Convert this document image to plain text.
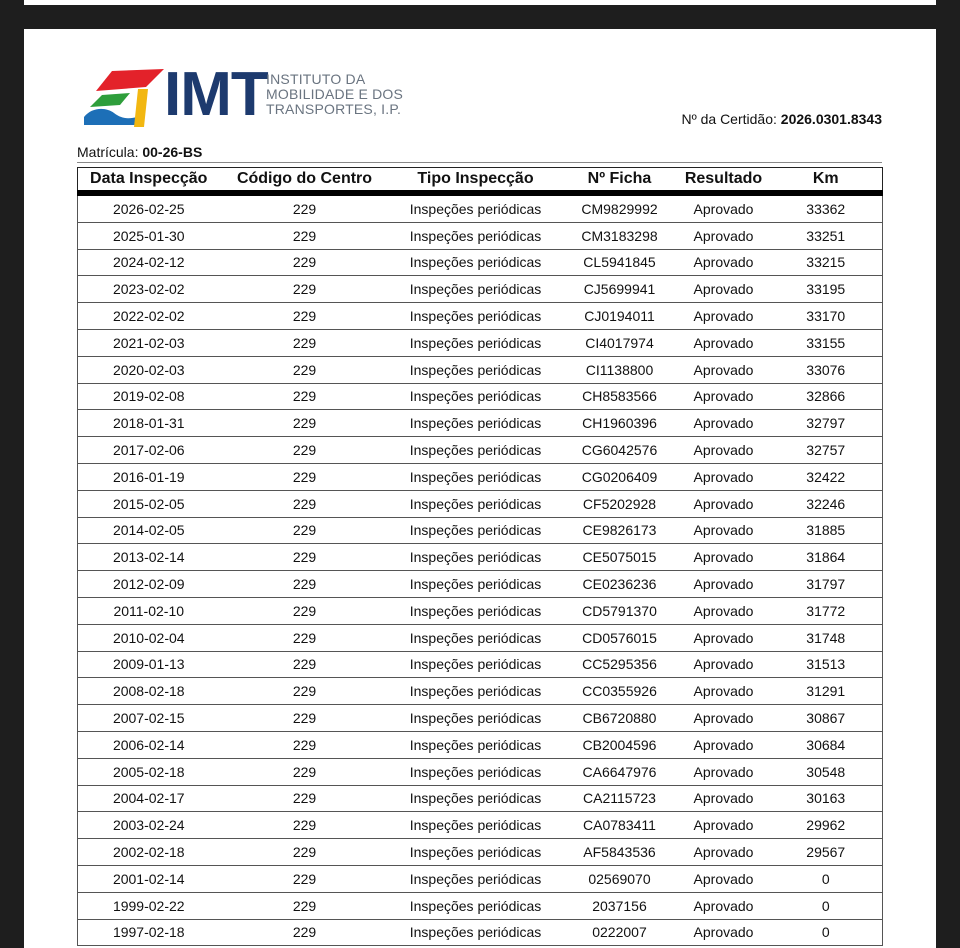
IMT
INSTITUTO DA
MOBILIDADE E DOS
TRANSPORTES, I.P.
Nº da Certidão: 2026.0301.8343
Matrícula: 00-26-BS
Data Inspecção	Código do Centro	Tipo Inspecção	Nº Ficha	Resultado	Km
2026-02-25	229	Inspeções periódicas	CM9829992	Aprovado	33362
2025-01-30	229	Inspeções periódicas	CM3183298	Aprovado	33251
2024-02-12	229	Inspeções periódicas	CL5941845	Aprovado	33215
2023-02-02	229	Inspeções periódicas	CJ5699941	Aprovado	33195
2022-02-02	229	Inspeções periódicas	CJ0194011	Aprovado	33170
2021-02-03	229	Inspeções periódicas	CI4017974	Aprovado	33155
2020-02-03	229	Inspeções periódicas	CI1138800	Aprovado	33076
2019-02-08	229	Inspeções periódicas	CH8583566	Aprovado	32866
2018-01-31	229	Inspeções periódicas	CH1960396	Aprovado	32797
2017-02-06	229	Inspeções periódicas	CG6042576	Aprovado	32757
2016-01-19	229	Inspeções periódicas	CG0206409	Aprovado	32422
2015-02-05	229	Inspeções periódicas	CF5202928	Aprovado	32246
2014-02-05	229	Inspeções periódicas	CE9826173	Aprovado	31885
2013-02-14	229	Inspeções periódicas	CE5075015	Aprovado	31864
2012-02-09	229	Inspeções periódicas	CE0236236	Aprovado	31797
2011-02-10	229	Inspeções periódicas	CD5791370	Aprovado	31772
2010-02-04	229	Inspeções periódicas	CD0576015	Aprovado	31748
2009-01-13	229	Inspeções periódicas	CC5295356	Aprovado	31513
2008-02-18	229	Inspeções periódicas	CC0355926	Aprovado	31291
2007-02-15	229	Inspeções periódicas	CB6720880	Aprovado	30867
2006-02-14	229	Inspeções periódicas	CB2004596	Aprovado	30684
2005-02-18	229	Inspeções periódicas	CA6647976	Aprovado	30548
2004-02-17	229	Inspeções periódicas	CA2115723	Aprovado	30163
2003-02-24	229	Inspeções periódicas	CA0783411	Aprovado	29962
2002-02-18	229	Inspeções periódicas	AF5843536	Aprovado	29567
2001-02-14	229	Inspeções periódicas	02569070	Aprovado	0
1999-02-22	229	Inspeções periódicas	2037156	Aprovado	0
1997-02-18	229	Inspeções periódicas	0222007	Aprovado	0
